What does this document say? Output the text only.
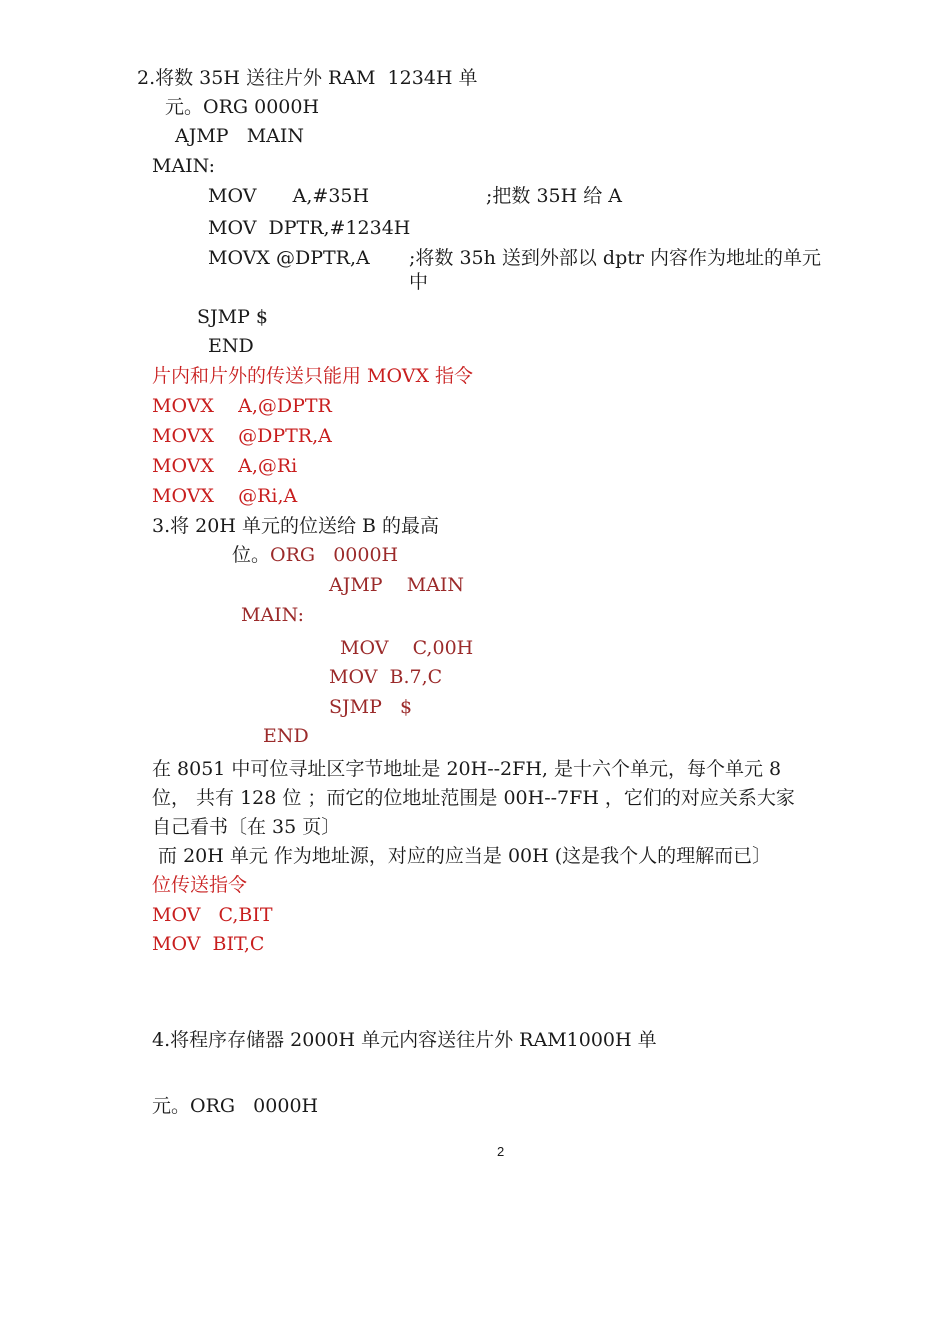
2.将数 35H 送往片外 RAM  1234H 单
元。ORG 0000H
AJMP   MAIN
MAIN:
MOV      A,#35H	;把数 35H 给 A
MOV  DPTR,#1234H
MOVX @DPTR,A ;将数 35h 送到外部以 dptr 内容作为地址的单元
中
SJMP $
END
片内和片外的传送只能用 MOVX 指令
MOVX    A,@DPTR
MOVX    @DPTR,A
MOVX    A,@Ri
MOVX    @Ri,A
3.将 20H 单元的位送给 B 的最高
位。ORG   0000H
AJMP    MAIN
MAIN:
MOV    C,00H
MOV  B.7,C
SJMP   $
END
在 8051 中可位寻址区字节地址是 20H--2FH, 是十六个单元，每个单元 8
位， 共有 128 位 ；而它的位地址范围是 00H--7FH ，它们的对应关系大家
自己看书〔在 35 页〕
而 20H 单元 作为地址源，对应的应当是 00H (这是我个人的理解而已〕
位传送指令
MOV   C,BIT
MOV  BIT,C
4.将程序存储器 2000H 单元内容送往片外 RAM1000H 单
元。ORG   0000H
2
